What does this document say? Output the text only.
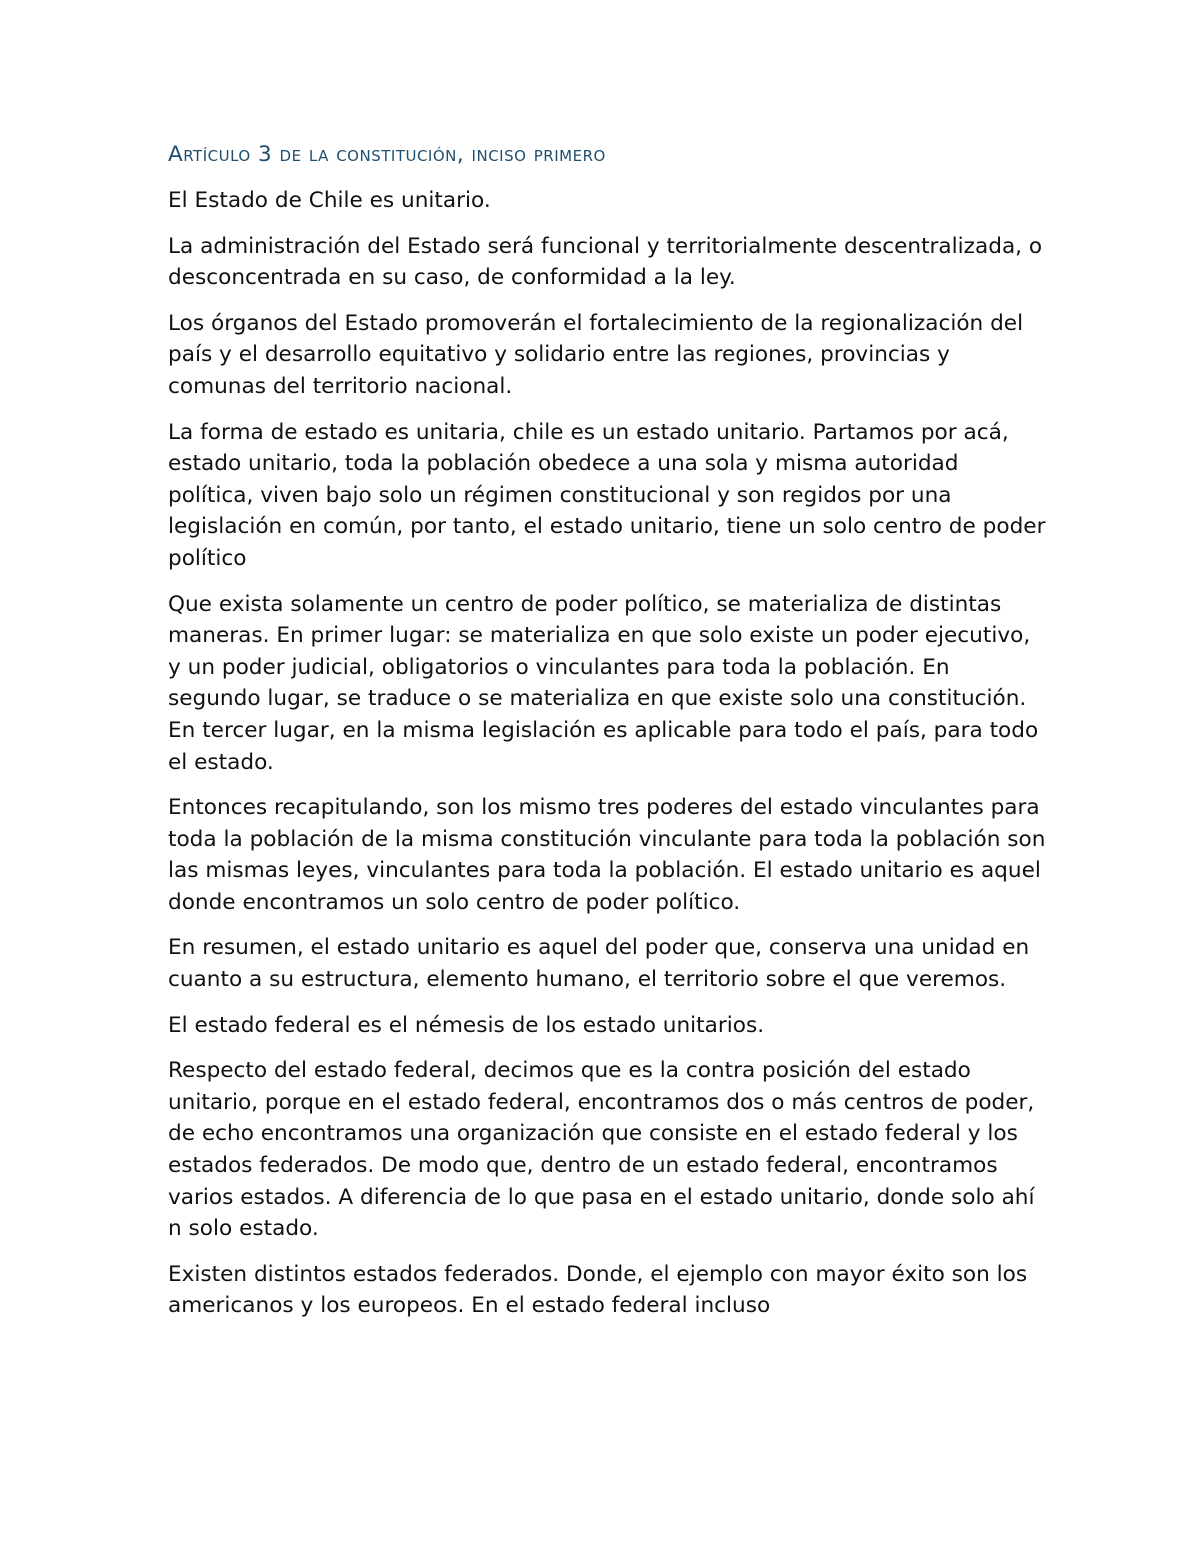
Artículo 3 de la constitución, inciso primero

El Estado de Chile es unitario.

La administración del Estado será funcional y territorialmente descentralizada, o desconcentrada en su caso, de conformidad a la ley.

Los órganos del Estado promoverán el fortalecimiento de la regionalización del país y el desarrollo equitativo y solidario entre las regiones, provincias y comunas del territorio nacional.

La forma de estado es unitaria, chile es un estado unitario. Partamos por acá, estado unitario, toda la población obedece a una sola y misma autoridad política, viven bajo solo un régimen constitucional y son regidos por una legislación en común, por tanto, el estado unitario, tiene un solo centro de poder político

Que exista solamente un centro de poder político, se materializa de distintas maneras. En primer lugar: se materializa en que solo existe un poder ejecutivo, y un poder judicial, obligatorios o vinculantes para toda la población. En segundo lugar, se traduce o se materializa en que existe solo una constitución. En tercer lugar, en la misma legislación es aplicable para todo el país, para todo el estado.

Entonces recapitulando, son los mismo tres poderes del estado vinculantes para toda la población de la misma constitución vinculante para toda la población son las mismas leyes, vinculantes para toda la población. El estado unitario es aquel donde encontramos un solo centro de poder político.

En resumen, el estado unitario es aquel del poder que, conserva una unidad en cuanto a su estructura, elemento humano, el territorio sobre el que veremos.

El estado federal es el némesis de los estado unitarios.

Respecto del estado federal, decimos que es la contra posición del estado unitario, porque en el estado federal, encontramos dos o más centros de poder, de echo encontramos una organización que consiste en el estado federal y los estados federados. De modo que, dentro de un estado federal, encontramos varios estados. A diferencia de lo que pasa en el estado unitario, donde solo ahí n solo estado.

Existen distintos estados federados. Donde, el ejemplo con mayor éxito son los americanos y los europeos. En el estado federal incluso
